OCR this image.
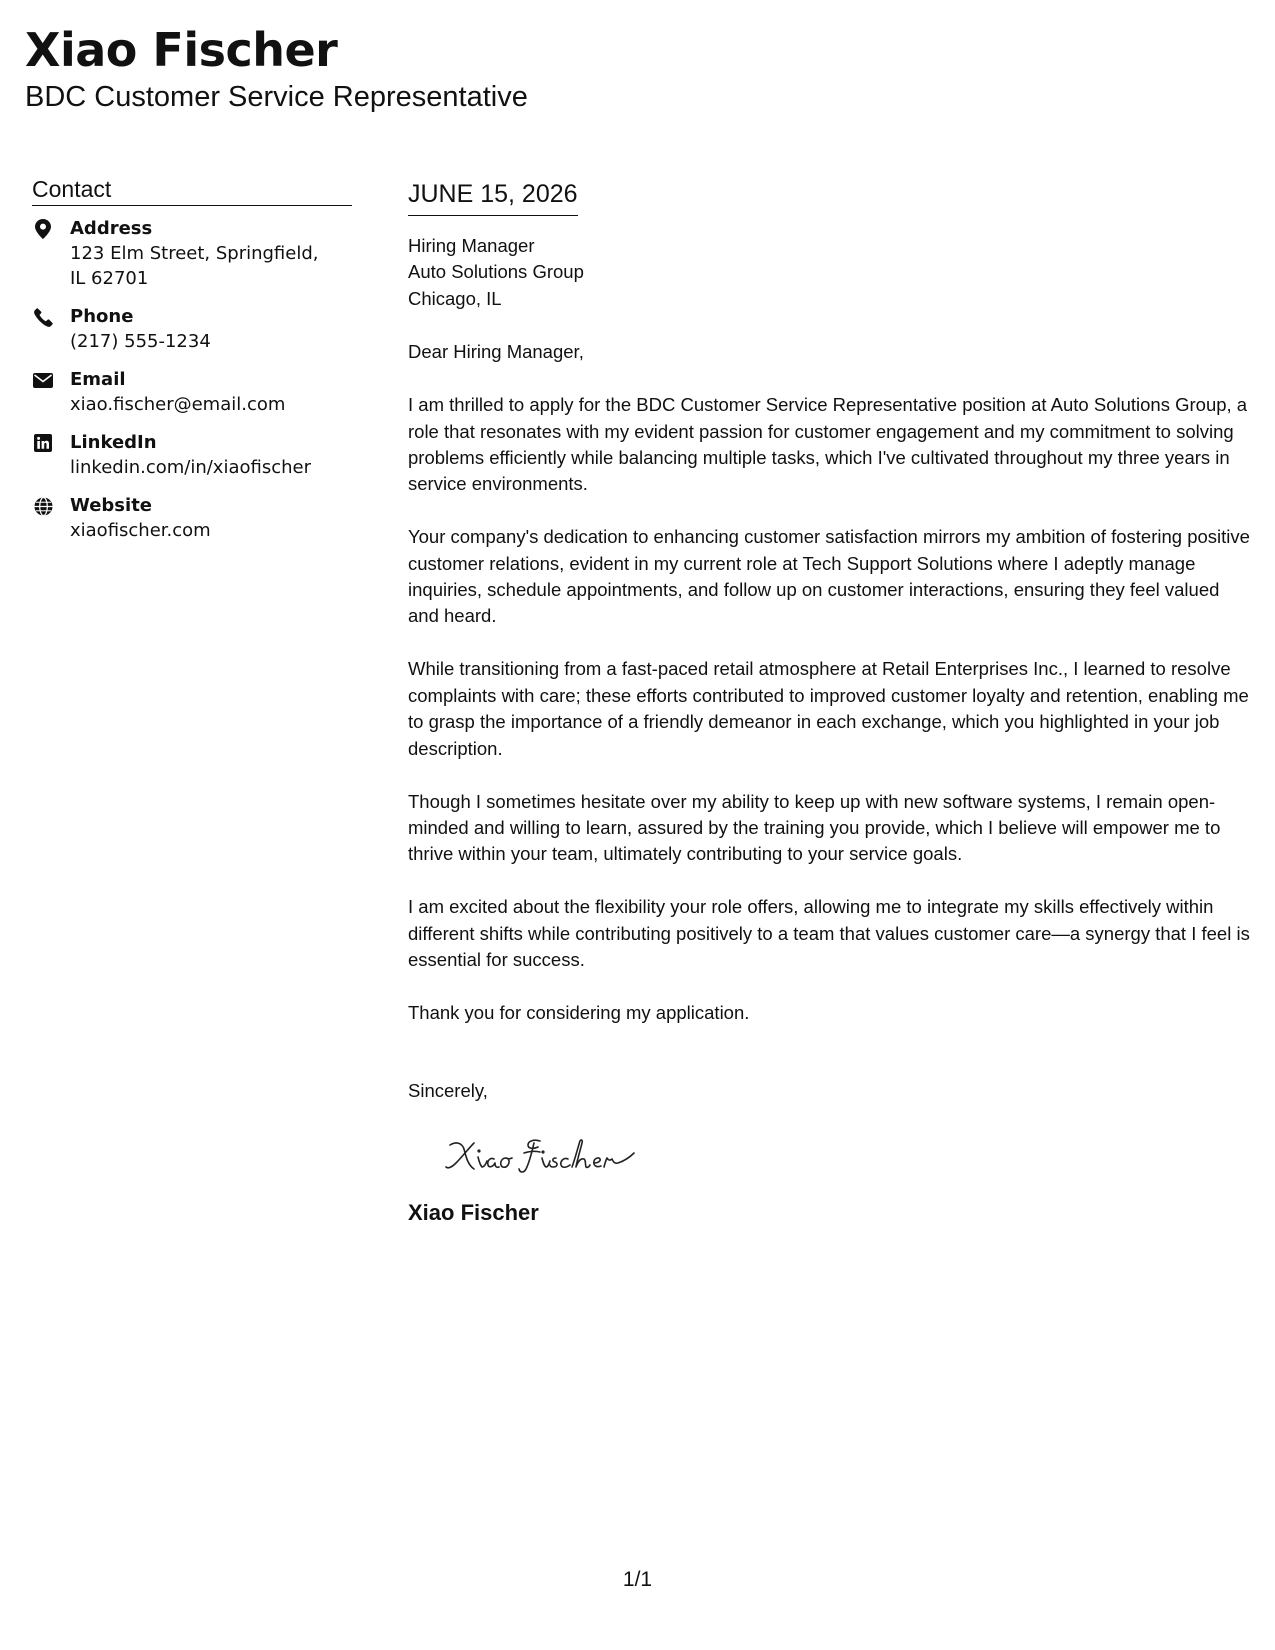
Xiao Fischer
BDC Customer Service Representative
Contact
Address
123 Elm Street, Springfield, IL 62701
Phone
(217) 555-1234
Email
xiao.fischer@email.com
LinkedIn
linkedin.com/in/xiaofischer
Website
xiaofischer.com
JUNE 15, 2026
Hiring Manager
Auto Solutions Group
Chicago, IL

Dear Hiring Manager,

I am thrilled to apply for the BDC Customer Service Representative position at Auto Solutions Group, a role that resonates with my evident passion for customer engagement and my commitment to solving problems efficiently while balancing multiple tasks, which I've cultivated throughout my three years in service environments.

Your company's dedication to enhancing customer satisfaction mirrors my ambition of fostering positive customer relations, evident in my current role at Tech Support Solutions where I adeptly manage inquiries, schedule appointments, and follow up on customer interactions, ensuring they feel valued and heard.

While transitioning from a fast-paced retail atmosphere at Retail Enterprises Inc., I learned to resolve complaints with care; these efforts contributed to improved customer loyalty and retention, enabling me to grasp the importance of a friendly demeanor in each exchange, which you highlighted in your job description.

Though I sometimes hesitate over my ability to keep up with new software systems, I remain open-minded and willing to learn, assured by the training you provide, which I believe will empower me to thrive within your team, ultimately contributing to your service goals.

I am excited about the flexibility your role offers, allowing me to integrate my skills effectively within different shifts while contributing positively to a team that values customer care—a synergy that I feel is essential for success.

Thank you for considering my application.

Sincerely,
Xiao Fischer
1/1
